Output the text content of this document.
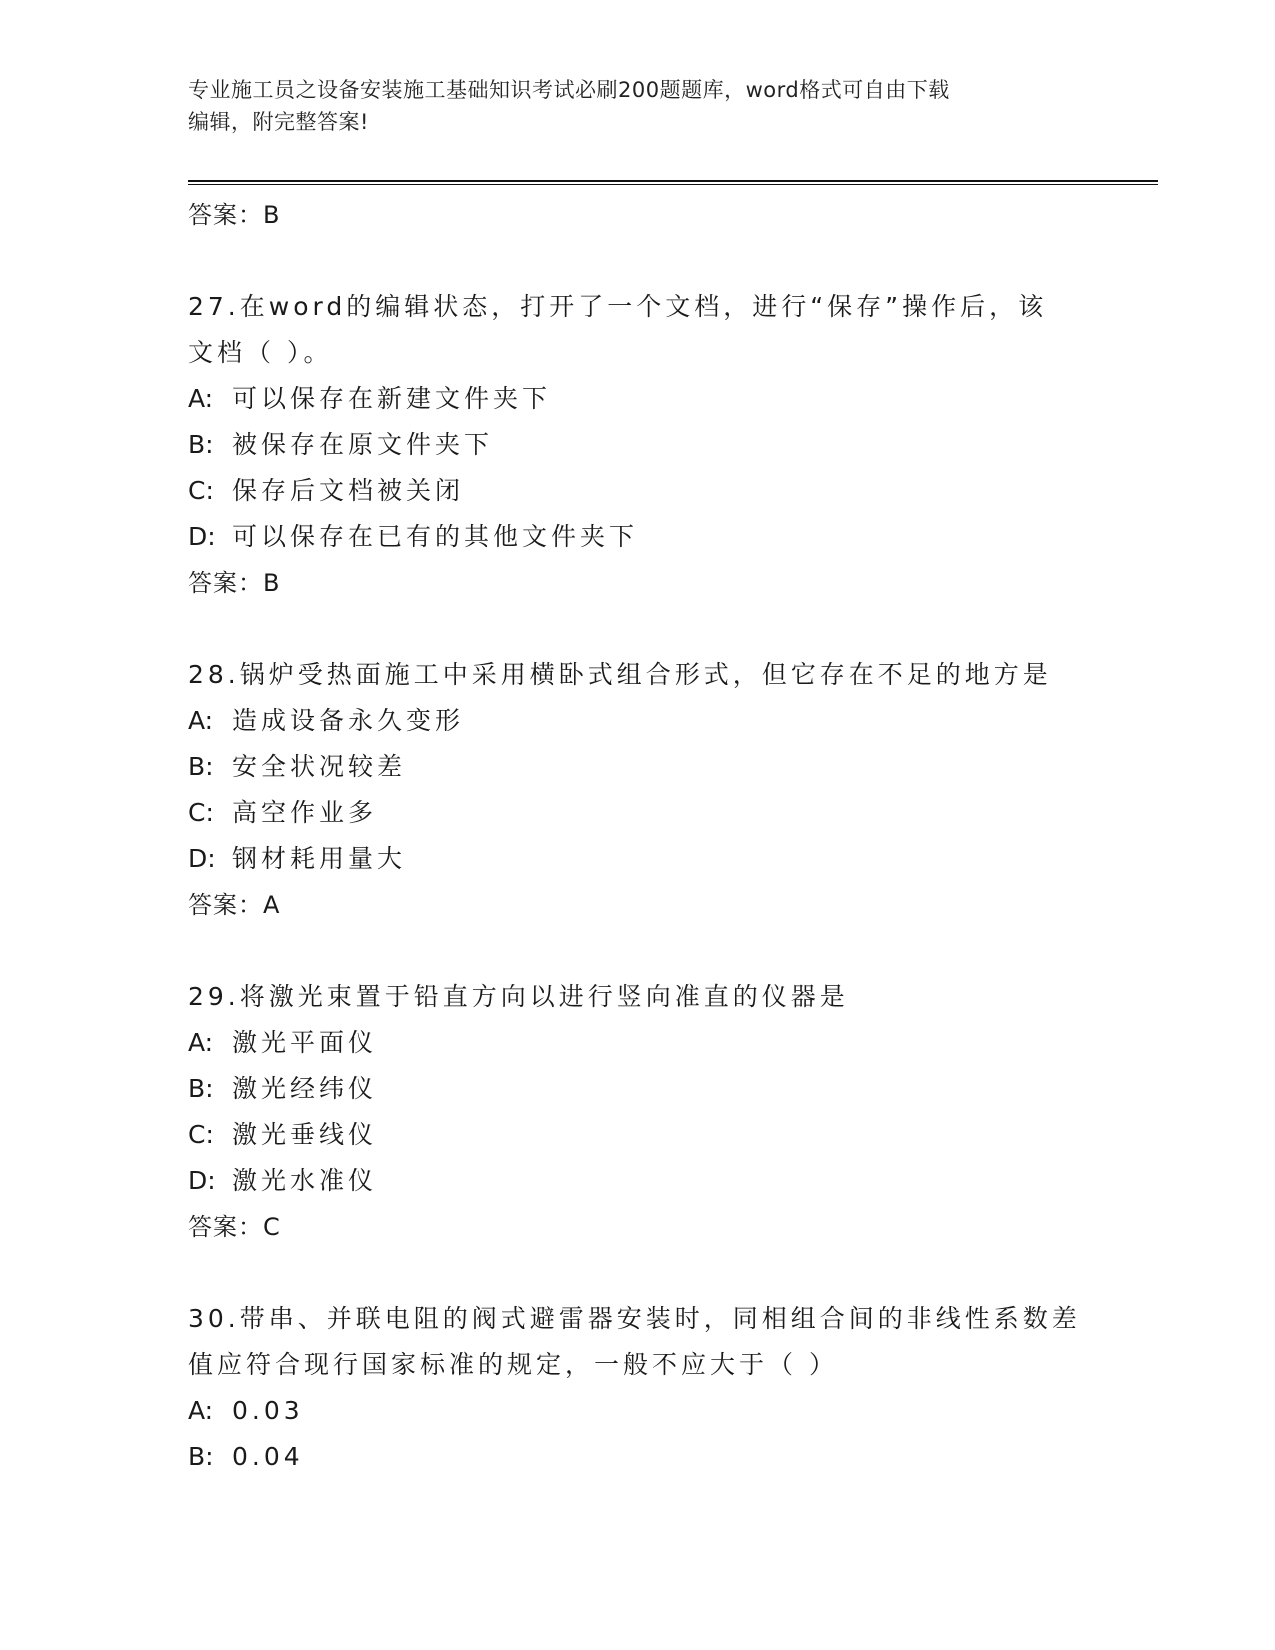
专业施工员之设备安装施工基础知识考试必刷200题题库，word格式可自由下载
编辑，附完整答案!
答案：B
27.在word的编辑状态，打开了一个文档，进行“保存”操作后，该
文档（ ）。
A: 可以保存在新建文件夹下
B: 被保存在原文件夹下
C: 保存后文档被关闭
D: 可以保存在已有的其他文件夹下
答案：B
28.锅炉受热面施工中采用横卧式组合形式，但它存在不足的地方是
A: 造成设备永久变形
B: 安全状况较差
C: 高空作业多
D: 钢材耗用量大
答案：A
29.将激光束置于铅直方向以进行竖向准直的仪器是
A: 激光平面仪
B: 激光经纬仪
C: 激光垂线仪
D: 激光水准仪
答案：C
30.带串、并联电阻的阀式避雷器安装时，同相组合间的非线性系数差
值应符合现行国家标准的规定，一般不应大于（ ）
A: 0.03
B: 0.04
